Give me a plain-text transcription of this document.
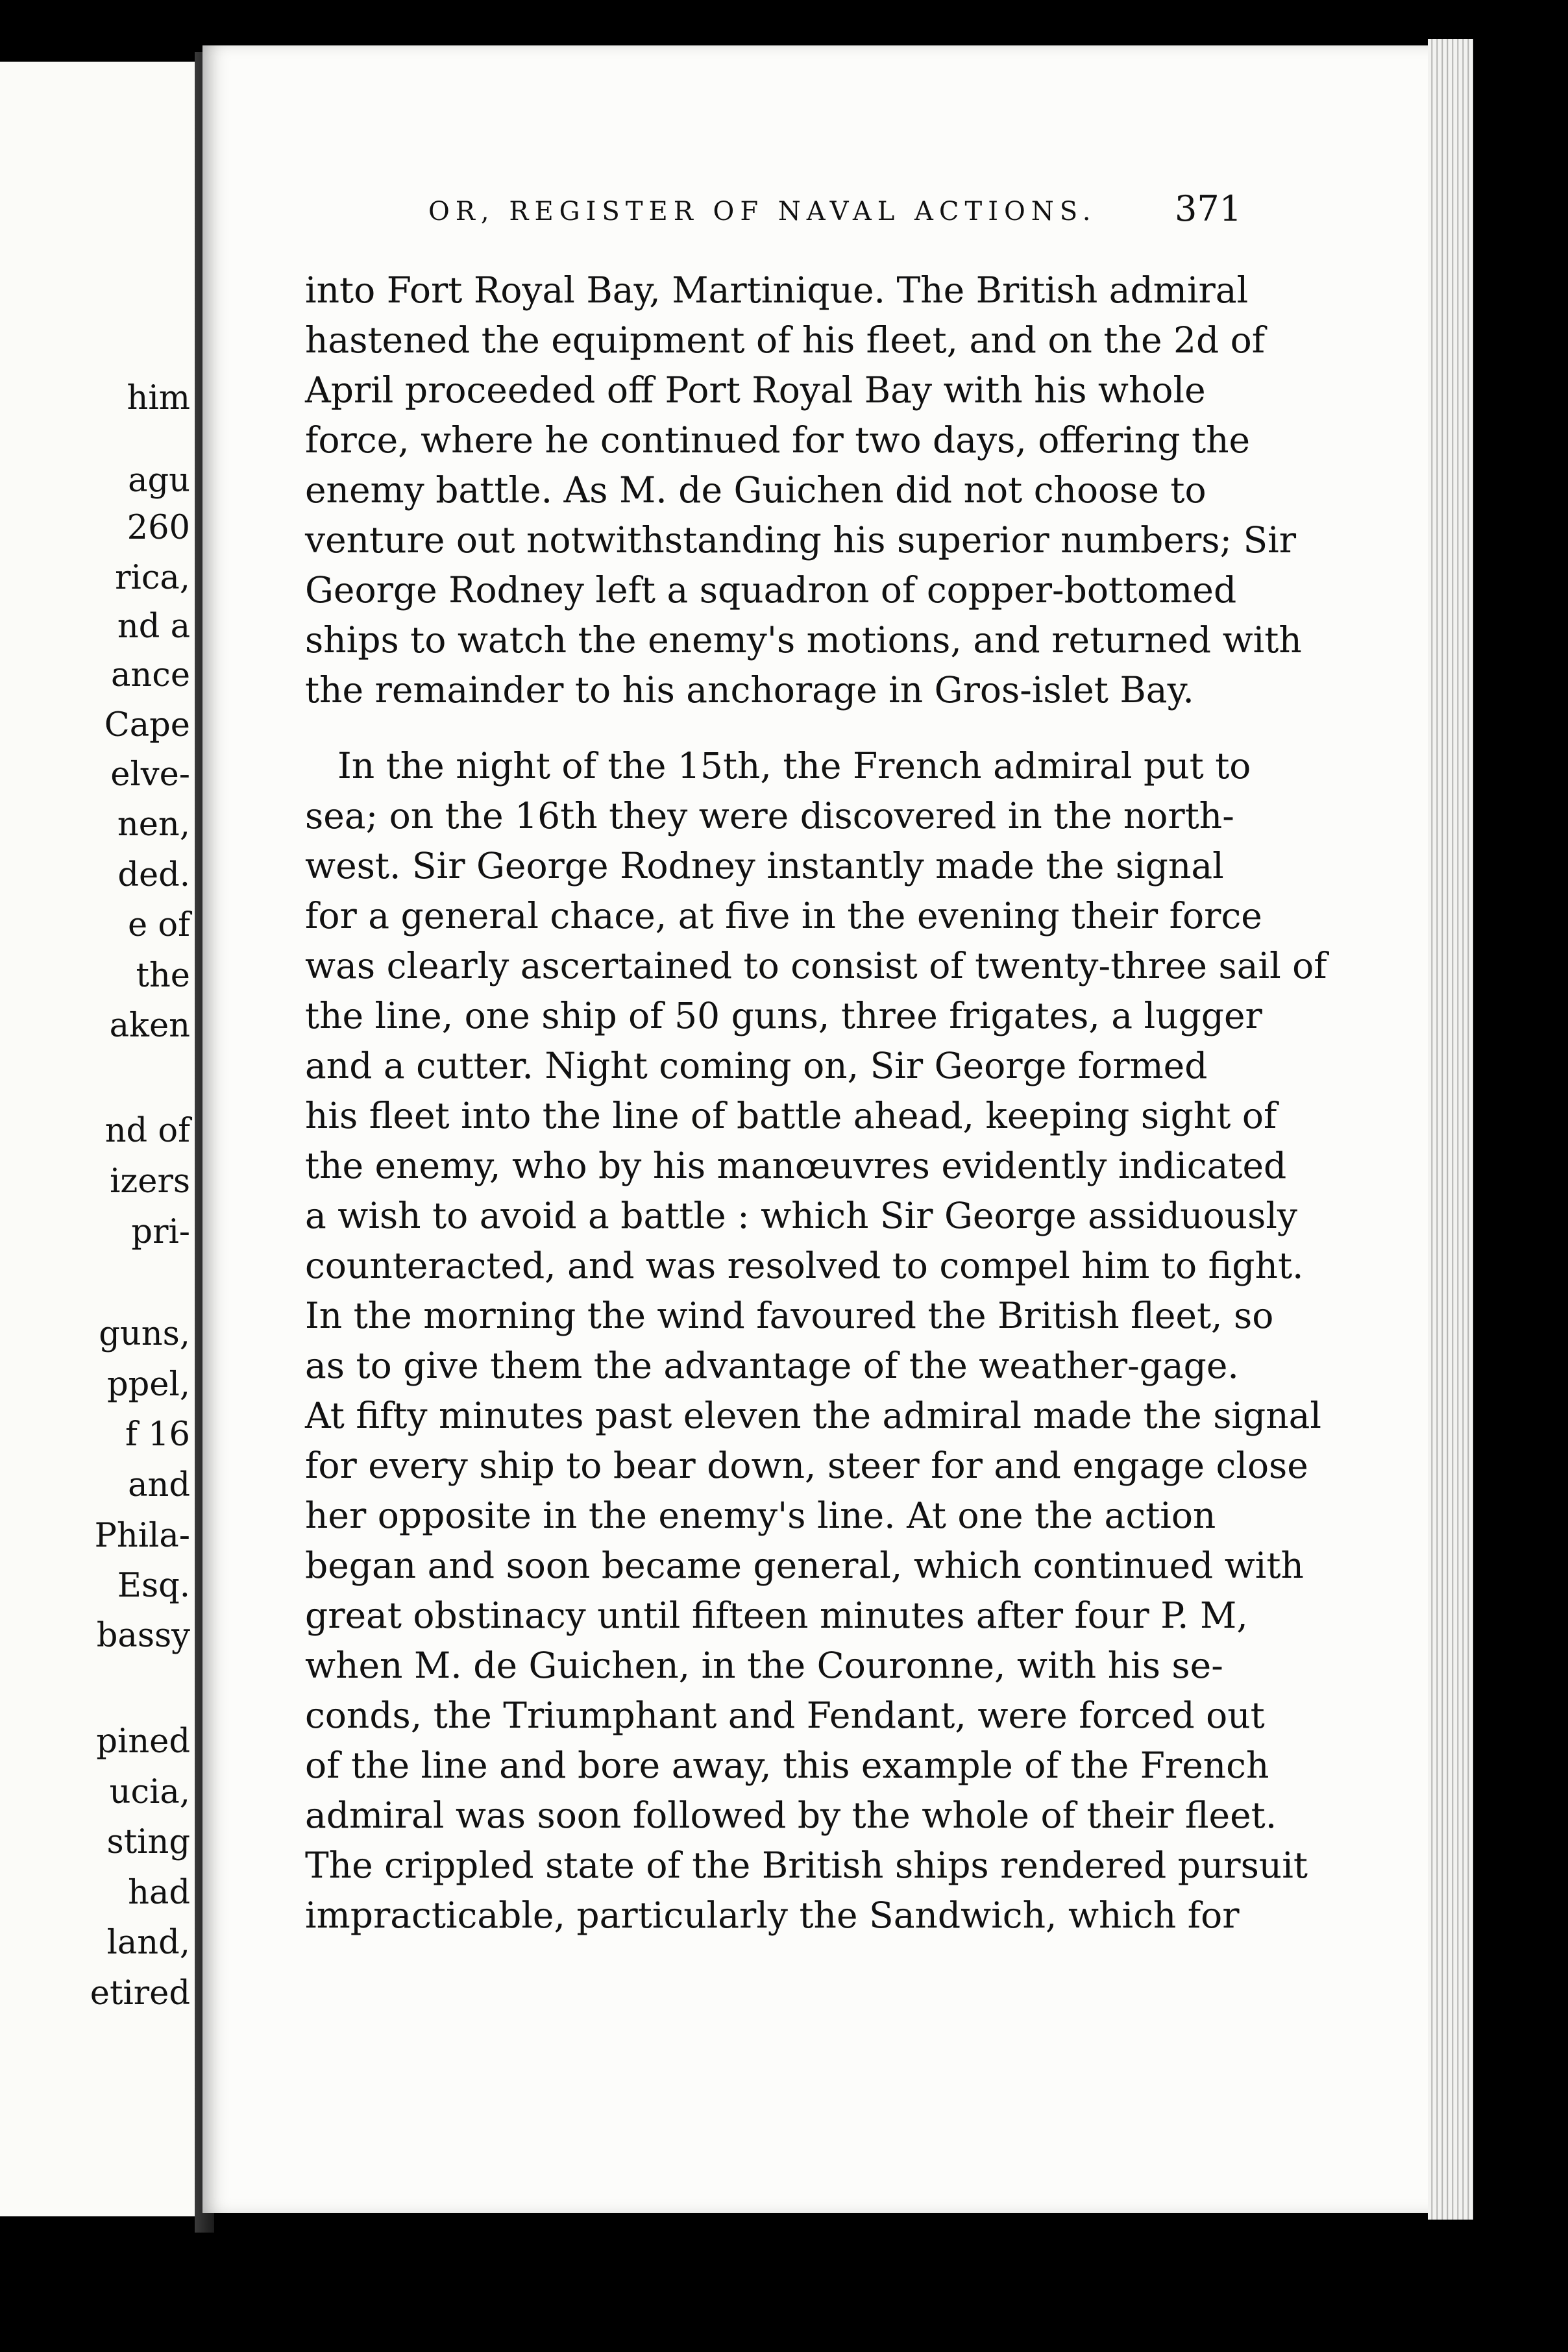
him
agu
260
rica,
nd a
ance
Cape
elve-
nen,
ded.
e of
the
aken
nd of
izers
pri-
guns,
ppel,
f 16
and
Phila-
Esq.
bassy
pined
ucia,
sting
had
land,
etired
OR, REGISTER OF NAVAL ACTIONS. 371
into Fort Royal Bay, Martinique. The British admiral
hastened the equipment of his fleet, and on the 2d of
April proceeded off Port Royal Bay with his whole
force, where he continued for two days, offering the
enemy battle. As M. de Guichen did not choose to
venture out notwithstanding his superior numbers; Sir
George Rodney left a squadron of copper-bottomed
ships to watch the enemy's motions, and returned with
the remainder to his anchorage in Gros-islet Bay.
In the night of the 15th, the French admiral put to
sea; on the 16th they were discovered in the north-
west. Sir George Rodney instantly made the signal
for a general chace, at five in the evening their force
was clearly ascertained to consist of twenty-three sail of
the line, one ship of 50 guns, three frigates, a lugger
and a cutter. Night coming on, Sir George formed
his fleet into the line of battle ahead, keeping sight of
the enemy, who by his manœuvres evidently indicated
a wish to avoid a battle : which Sir George assiduously
counteracted, and was resolved to compel him to fight.
In the morning the wind favoured the British fleet, so
as to give them the advantage of the weather-gage.
At fifty minutes past eleven the admiral made the signal
for every ship to bear down, steer for and engage close
her opposite in the enemy's line. At one the action
began and soon became general, which continued with
great obstinacy until fifteen minutes after four P. M,
when M. de Guichen, in the Couronne, with his se-
conds, the Triumphant and Fendant, were forced out
of the line and bore away, this example of the French
admiral was soon followed by the whole of their fleet.
The crippled state of the British ships rendered pursuit
impracticable, particularly the Sandwich, which for
